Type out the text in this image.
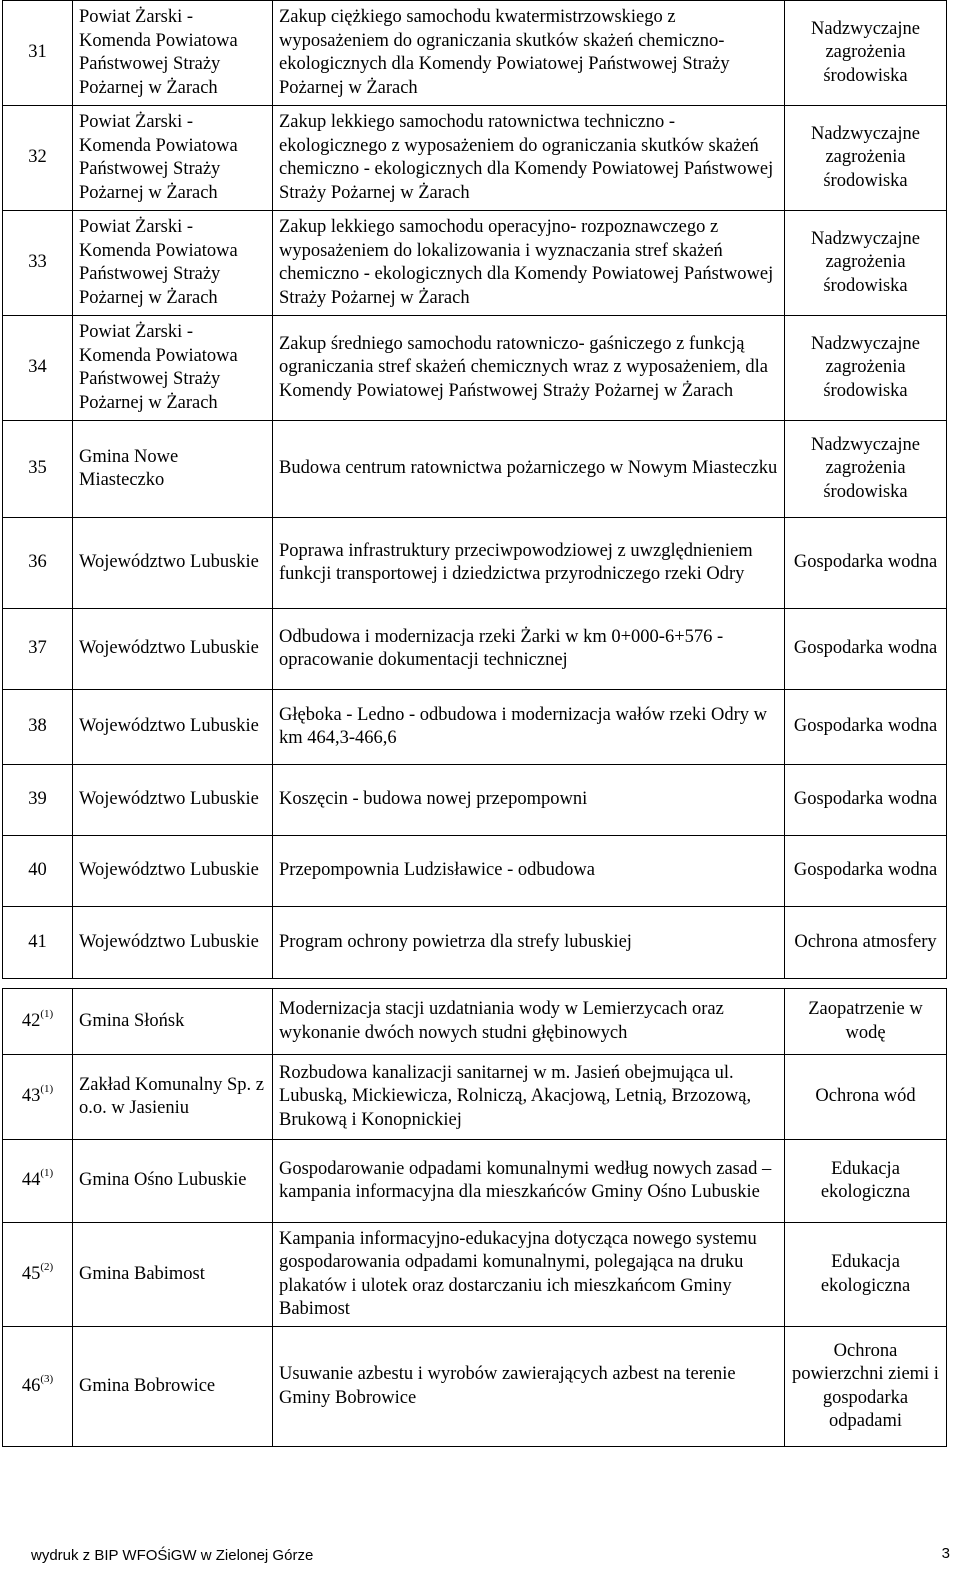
31	Powiat Żarski - Komenda Powiatowa Państwowej Straży Pożarnej w Żarach	Zakup ciężkiego samochodu kwatermistrzowskiego z wyposażeniem do ograniczania skutków skażeń chemiczno-ekologicznych dla Komendy Powiatowej Państwowej Straży Pożarnej w Żarach	Nadzwyczajne zagrożenia środowiska
32	Powiat Żarski - Komenda Powiatowa Państwowej Straży Pożarnej w Żarach	Zakup lekkiego samochodu ratownictwa techniczno - ekologicznego z wyposażeniem do ograniczania skutków skażeń chemiczno - ekologicznych dla Komendy Powiatowej Państwowej Straży Pożarnej w Żarach	Nadzwyczajne zagrożenia środowiska
33	Powiat Żarski - Komenda Powiatowa Państwowej Straży Pożarnej w Żarach	Zakup lekkiego samochodu operacyjno- rozpoznawczego z wyposażeniem do lokalizowania i wyznaczania stref skażeń chemiczno - ekologicznych dla Komendy Powiatowej Państwowej Straży Pożarnej w Żarach	Nadzwyczajne zagrożenia środowiska
34	Powiat Żarski - Komenda Powiatowa Państwowej Straży Pożarnej w Żarach	Zakup średniego samochodu ratowniczo- gaśniczego z funkcją ograniczania stref skażeń chemicznych wraz z wyposażeniem, dla Komendy Powiatowej Państwowej Straży Pożarnej w Żarach	Nadzwyczajne zagrożenia środowiska
35	Gmina Nowe Miasteczko	Budowa centrum ratownictwa pożarniczego w Nowym Miasteczku	Nadzwyczajne zagrożenia środowiska
36	Województwo Lubuskie	Poprawa infrastruktury przeciwpowodziowej z uwzględnieniem funkcji transportowej i dziedzictwa przyrodniczego rzeki Odry	Gospodarka wodna
37	Województwo Lubuskie	Odbudowa i modernizacja rzeki Żarki w km 0+000-6+576 - opracowanie dokumentacji technicznej	Gospodarka wodna
38	Województwo Lubuskie	Głęboka - Ledno - odbudowa i modernizacja wałów rzeki Odry w km 464,3-466,6	Gospodarka wodna
39	Województwo Lubuskie	Koszęcin - budowa nowej przepompowni	Gospodarka wodna
40	Województwo Lubuskie	Przepompownia Ludzisławice - odbudowa	Gospodarka wodna
41	Województwo Lubuskie	Program ochrony powietrza dla strefy lubuskiej	Ochrona atmosfery

42$^{(1)}$	Gmina Słońsk	Modernizacja stacji uzdatniania wody w Lemierzycach oraz wykonanie dwóch nowych studni głębinowych	Zaopatrzenie w wodę
43$^{(1)}$	Zakład Komunalny Sp. z o.o. w Jasieniu	Rozbudowa kanalizacji sanitarnej w m. Jasień obejmująca ul. Lubuską, Mickiewicza, Rolniczą, Akacjową, Letnią, Brzozową, Brukową i Konopnickiej	Ochrona wód
44$^{(1)}$	Gmina Ośno Lubuskie	Gospodarowanie odpadami komunalnymi według nowych zasad – kampania informacyjna dla mieszkańców Gminy Ośno Lubuskie	Edukacja ekologiczna
45$^{(2)}$	Gmina Babimost	Kampania informacyjno-edukacyjna dotycząca nowego systemu gospodarowania odpadami komunalnymi, polegająca na druku plakatów i ulotek oraz dostarczaniu ich mieszkańcom Gminy Babimost	Edukacja ekologiczna
46$^{(3)}$	Gmina Bobrowice	Usuwanie azbestu i wyrobów zawierających azbest na terenie Gminy Bobrowice	Ochrona powierzchni ziemi i gospodarka odpadami
wydruk z BIP WFOŚiGW w Zielonej Górze	3
